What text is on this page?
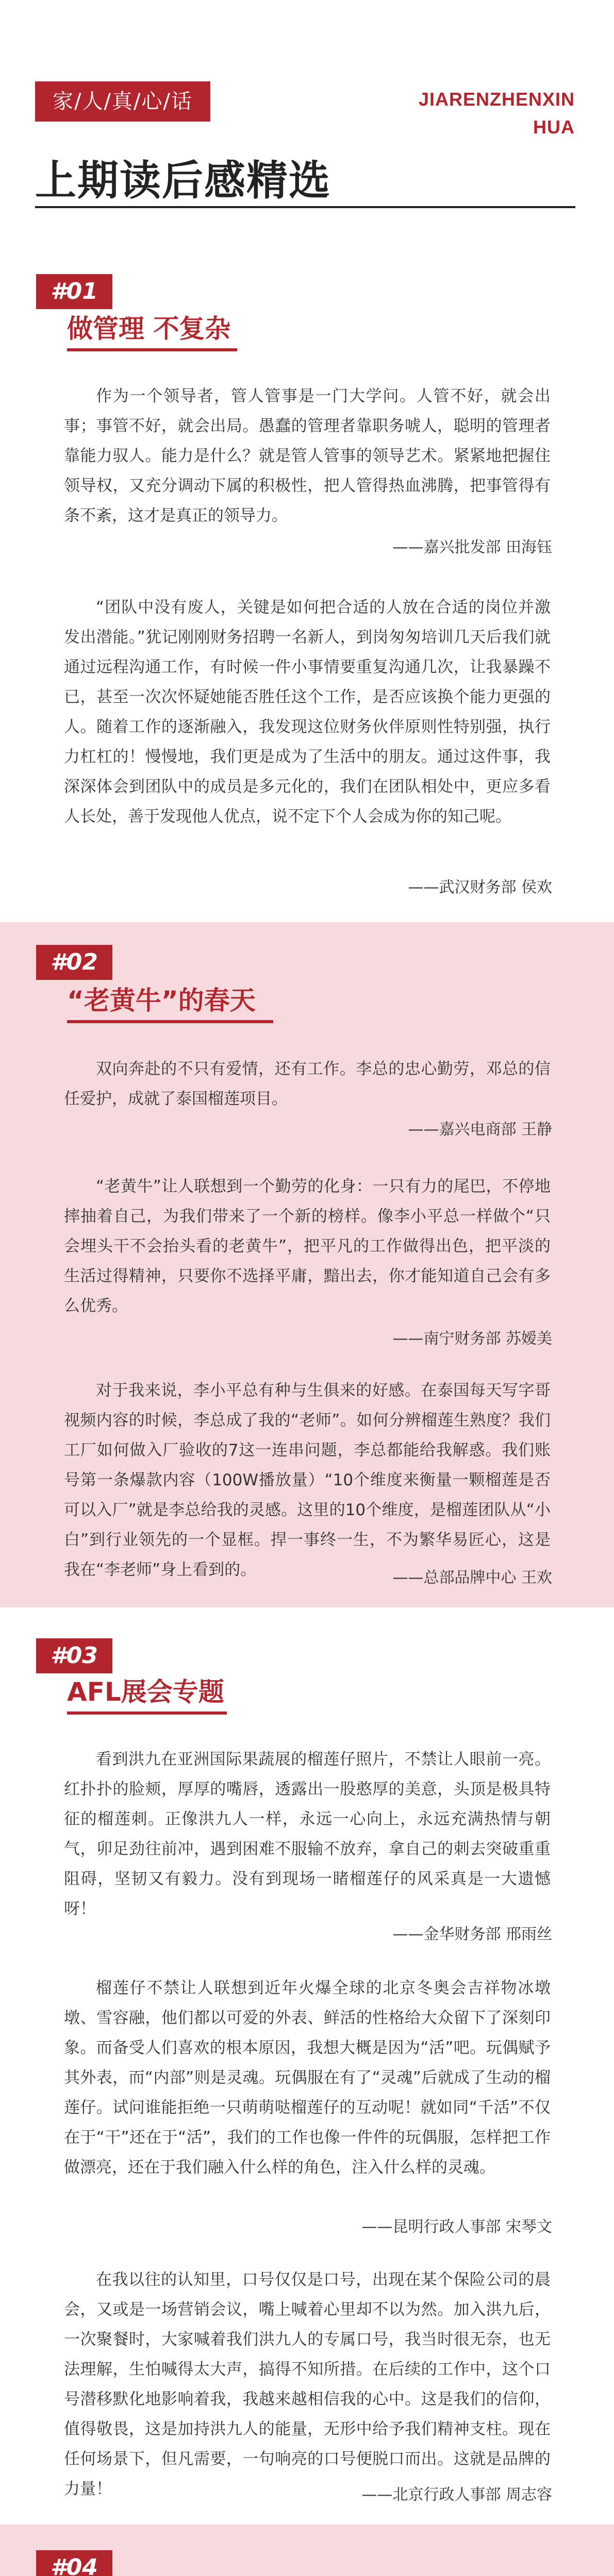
家/人/真/心/话	JIARENZHENXIN
HUA
上期读后感精选
#01
做管理 不复杂

作为一个领导者，管人管事是一门大学问。人管不好，就会出事；事管不好，就会出局。愚蠢的管理者靠职务唬人，聪明的管理者靠能力驭人。能力是什么？就是管人管事的领导艺术。紧紧地把握住领导权，又充分调动下属的积极性，把人管得热血沸腾，把事管得有条不紊，这才是真正的领导力。

——嘉兴批发部 田海钰

“团队中没有废人，关键是如何把合适的人放在合适的岗位并激发出潜能。”犹记刚刚财务招聘一名新人，到岗匆匆培训几天后我们就通过远程沟通工作，有时候一件小事情要重复沟通几次，让我暴躁不已，甚至一次次怀疑她能否胜任这个工作，是否应该换个能力更强的人。随着工作的逐渐融入，我发现这位财务伙伴原则性特别强，执行力杠杠的！慢慢地，我们更是成为了生活中的朋友。通过这件事，我深深体会到团队中的成员是多元化的，我们在团队相处中，更应多看人长处，善于发现他人优点，说不定下个人会成为你的知己呢。

——武汉财务部 侯欢

#02
“老黄牛”的春天

双向奔赴的不只有爱情，还有工作。李总的忠心勤劳，邓总的信任爱护，成就了泰国榴莲项目。

——嘉兴电商部 王静

“老黄牛”让人联想到一个勤劳的化身：一只有力的尾巴，不停地摔抽着自己，为我们带来了一个新的榜样。像李小平总一样做个“只会埋头干不会抬头看的老黄牛”，把平凡的工作做得出色，把平淡的生活过得精神，只要你不选择平庸，黯出去，你才能知道自己会有多么优秀。

——南宁财务部 苏嫒美

对于我来说，李小平总有种与生俱来的好感。在泰国每天写字哥视频内容的时候，李总成了我的“老师”。如何分辨榴莲生熟度？我们工厂如何做入厂验收的7这一连串问题，李总都能给我解惑。我们账号第一条爆款内容（100W播放量）“10个维度来衡量一颗榴莲是否可以入厂”就是李总给我的灵感。这里的10个维度，是榴莲团队从“小白”到行业领先的一个显框。捍一事终一生，不为繁华易匠心，这是我在“李老师”身上看到的。	——总部品牌中心 王欢

#03
AFL展会专题

看到洪九在亚洲国际果蔬展的榴莲仔照片，不禁让人眼前一亮。红扑扑的脸颊，厚厚的嘴唇，透露出一股憨厚的美意，头顶是极具特征的榴莲刺。正像洪九人一样，永远一心向上，永远充满热情与朝气，卯足劲往前冲，遇到困难不服输不放弃，拿自己的刺去突破重重阻碍，坚韧又有毅力。没有到现场一睹榴莲仔的风采真是一大遗憾呀！

——金华财务部 邢雨丝

榴莲仔不禁让人联想到近年火爆全球的北京冬奥会吉祥物冰墩墩、雪容融，他们都以可爱的外表、鲜活的性格给大众留下了深刻印象。而备受人们喜欢的根本原因，我想大概是因为“活”吧。玩偶赋予其外表，而“内部”则是灵魂。玩偶服在有了“灵魂”后就成了生动的榴莲仔。试问谁能拒绝一只萌萌哒榴莲仔的互动呢！就如同“千活”不仅在于“干”还在于“活”，我们的工作也像一件件的玩偶服，怎样把工作做漂亮，还在于我们融入什么样的角色，注入什么样的灵魂。

——昆明行政人事部 宋琴文

在我以往的认知里，口号仅仅是口号，出现在某个保险公司的晨会，又或是一场营销会议，嘴上喊着心里却不以为然。加入洪九后，一次聚餐时，大家喊着我们洪九人的专属口号，我当时很无奈，也无法理解，生怕喊得太大声，搞得不知所措。在后续的工作中，这个口号潜移默化地影响着我，我越来越相信我的心中。这是我们的信仰，值得敬畏，这是加持洪九人的能量，无形中给予我们精神支柱。现在任何场景下，但凡需要，一句响亮的口号便脱口而出。这就是品牌的力量！	——北京行政人事部 周志容

#04
